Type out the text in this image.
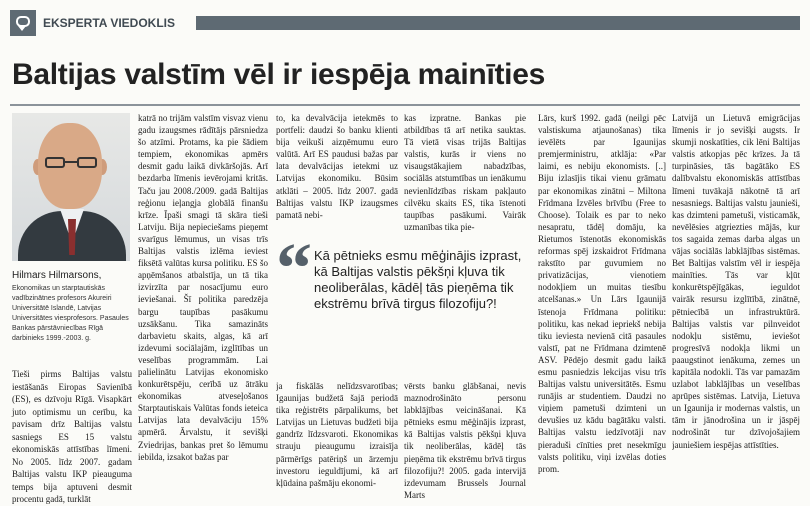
EKSPERTA VIEDOKLIS
Baltijas valstīm vēl ir iespēja mainīties
Hilmars Hilmarsons,

Ekonomikas un starptautiskās vadībzinātnes profesors Akureiri Universitātē Islandē, Latvijas Universitātes viesprofesors. Pasaules Bankas pārstāvniecības Rīgā darbinieks 1999.-2003. g.

Tieši pirms Baltijas valstu iestāšanās Eiropas Savienībā (ES), es dzīvoju Rīgā. Visapkārt juto optimismu un cerību, ka pavisam drīz Baltijas valstu sasniegs ES 15 valstu ekonomiskās attīstības līmeni. No 2005. līdz 2007. gadam Baltijas valstu IKP pieauguma temps bija aptuveni desmit procentu gadā, turklāt

katrā no trijām valstīm visvaz vienu gadu izaugsmes rādītājs pārsniedza šo atzīmi. Protams, ka pie šādiem tempiem, ekonomikas apmērs desmit gadu laikā divkāršojās. Arī bezdarba līmenis ievērojami kritās. Taču jau 2008./2009. gadā Baltijas reģionu ieļangja globālā finanšu krīze. Īpaši smagi tā skāra tieši Latviju. Bija nepieciešams pieņemt svarīgus lēmumus, un visas trīs Baltijas valstis izlēma ieviest fiksētā valūtas kursa politiku. ES šo apņēmšanos atbalstīja, un tā tika izvirzīta par nosacījumu euro ieviešanai. Šī politika paredzēja bargu taupības pasākumu uzsākšanu. Tika samazināts darbavietu skaits, algas, kā arī izdevumi sociālajām, izglītības un veselības programmām. Lai palielinātu Latvijas ekonomisko konkurētspēju, cerībā uz ātrāku ekonomikas atveseļošanos Starptautiskais Valūtas fonds ieteica Latvijas lata devalvāciju 15% apmērā. Ārvalstu, it sevišķi Zviedrijas, bankas pret šo lēmumu iebilda, izsakot bažas par

to, ka devalvācija ietekmēs to portfeli: daudzi šo banku klienti bija veikuši aizņēmumu euro valūtā. Arī ES paudusi bažas par lata devalvācijas ietekmi uz Latvijas ekonomiku. Būsim atklāti – 2005. līdz 2007. gadā Baltijas valstu IKP izaugsmes pamatā nebi-

kas izpratne. Bankas pie atbildības tā arī netika sauktas. Tā vietā visas trijās Baltijas valstis, kurās ir viens no visaugstākajiem nabadzības, sociālās atstumtības un ienākumu nevienlīdzības riskam pakļauto cilvēku skaits ES, tika īstenoti taupības pasākumi. Vairāk uzmanības tika pie-

“ Kā pētnieks esmu mēģinājis izprast, kā Baltijas valstis pēkšņi kļuva tik neoliberālas, kādēļ tās pieņēma tik ekstrēmu brīvā tirgus filozofiju?!

ja fiskālās nelīdzsvarotības; Igaunijas budžetā šajā periodā tika reģistrēts pārpalikums, bet Latvijas un Lietuvas budžeti bija gandrīz līdzsvaroti. Ekonomikas strauju pieaugumu izraisīja pārmērīgs patēriņš un ārzemju investoru ieguldījumi, kā arī kļūdaina pašmāju ekonomi-

vērsts banku glābšanai, nevis maznodrošināto personu labklājības veicināšanai. Kā pētnieks esmu mēģinājis izprast, kā Baltijas valstis pēkšņi kļuva tik neoliberālas, kādēļ tās pieņēma tik ekstrēmu brīvā tirgus filozofiju?! 2005. gada intervijā izdevumam Brussels Journal Marts

Lārs, kurš 1992. gadā (neilgi pēc valstiskuma atjaunošanas) tika ievēlēts par Igaunijas premjerministru, atklāja: «Par laimi, es nebiju ekonomists. [..] Biju izlasījis tikai vienu grāmatu par ekonomikas zinātni – Miltona Frīdmana Izvēles brīvību (Free to Choose). Tolaik es par to neko nesapratu, tādēļ domāju, ka Rietumos īstenotās ekonomiskās reformas spēj izskaidrot Frīdmana rakstīto par guvumiem no privatizācijas, vienotiem nodokļiem un muitas tiesību atcelšanas.» Un Lārs Igaunijā īstenoja Frīdmana politiku: politiku, kas nekad iepriekš nebija tiku ieviesta nevienā citā pasaules valstī, pat ne Frīdmana dzimtenē ASV. Pēdējo desmit gadu laikā esmu pasniedzis lekcijas visu trīs Baltijas valstu universitātēs. Esmu runājis ar studentiem. Daudzi no viņiem pametuši dzimteni un devušies uz kādu bagātāku valsti. Baltijas valstu iedzīvotāji nav pieraduši cīnīties pret nesekmīgu valsts politiku, viņi izvēlas doties prom.

Latvijā un Lietuvā emigrācijas līmenis ir jo sevišķi augsts. Ir skumji noskatīties, cik lēni Baltijas valstis atkopjas pēc krīzes. Ja tā turpināsies, tās bagātāko ES dalībvalstu ekonomiskās attīstības līmeni tuvākajā nākotnē tā arī nesasniegs. Baltijas valstu jaunieši, kas dzimteni pametuši, visticamāk, nevēlēsies atgriezties mājās, kur tos sagaida zemas darba algas un vājas sociālās labklājības sistēmas. Bet Baltijas valstīm vēl ir iespēja mainīties. Tās var kļūt konkurētspējīgākas, ieguldot vairāk resursu izglītībā, zinātnē, pētniecībā un infrastruktūrā. Baltijas valstis var pilnveidot nodokļu sistēmu, ieviešot progresīvā nodokļa likmi un paaugstinot ienākuma, zemes un kapitāla nodokli. Tās var pamazām uzlabot labklājības un veselības aprūpes sistēmas. Latvija, Lietuva un Igaunija ir modernas valstis, un tām ir jānodrošina un ir jāspēj nodrošināt tur dzīvojošajiem jauniešiem iespējas attīstīties.
